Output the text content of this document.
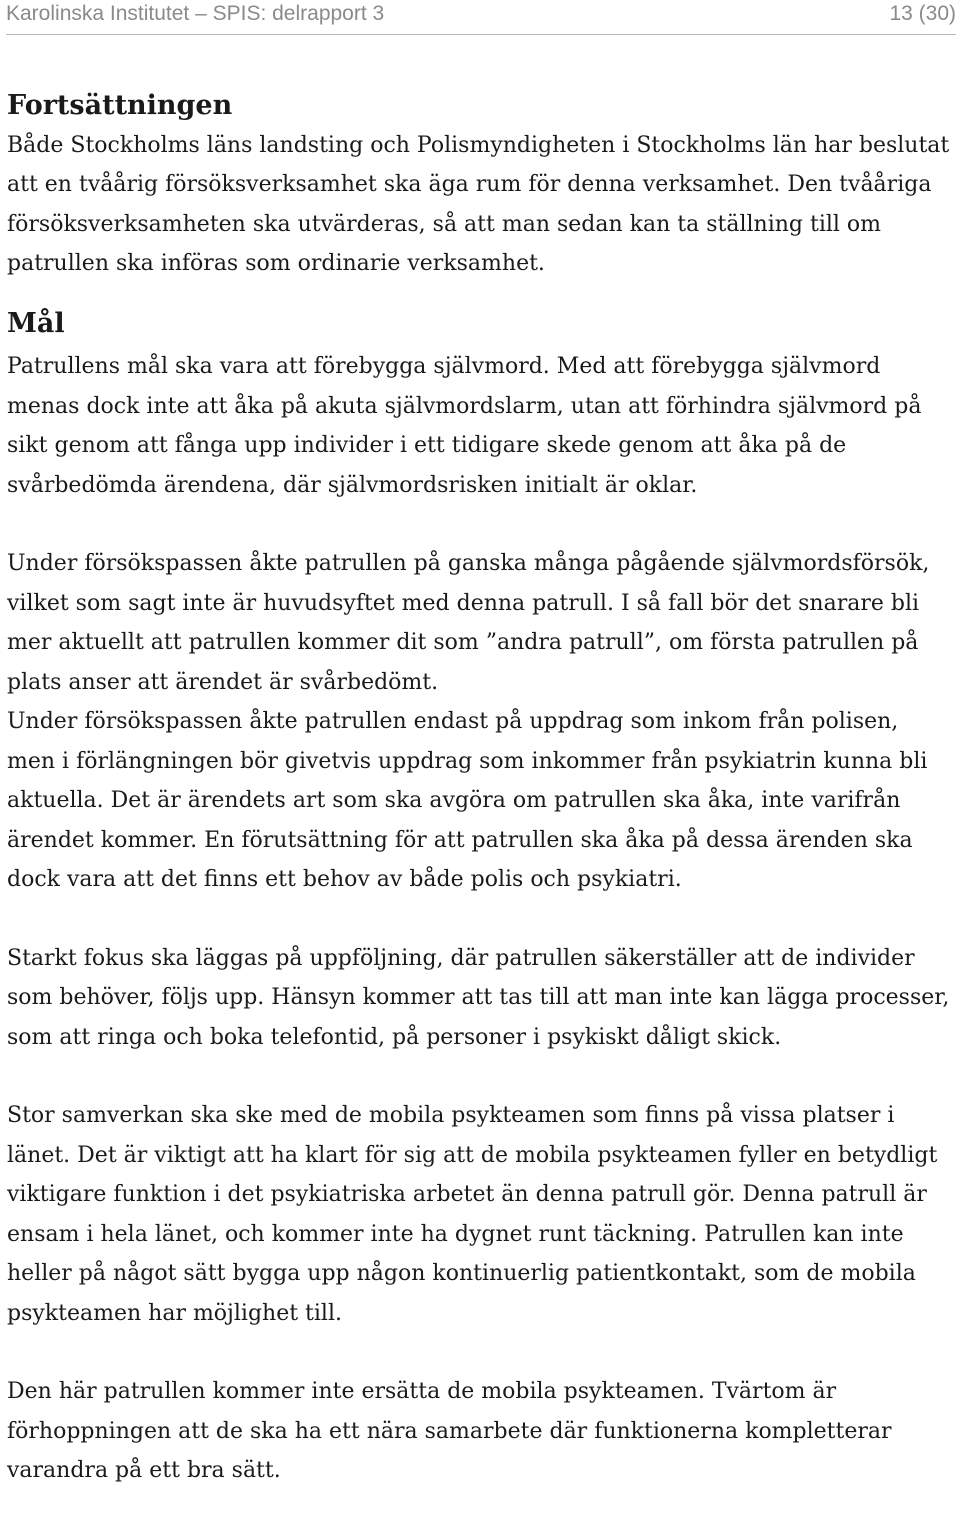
Karolinska Institutet – SPIS: delrapport 3	13 (30)
Fortsättningen

Både Stockholms läns landsting och Polismyndigheten i Stockholms län har beslutat att en tvåårig försöksverksamhet ska äga rum för denna verksamhet. Den tvååriga försöksverksamheten ska utvärderas, så att man sedan kan ta ställning till om patrullen ska införas som ordinarie verksamhet.

Mål

Patrullens mål ska vara att förebygga självmord. Med att förebygga självmord menas dock inte att åka på akuta självmordslarm, utan att förhindra självmord på sikt genom att fånga upp individer i ett tidigare skede genom att åka på de svårbedömda ärendena, där självmordsrisken initialt är oklar.

Under försökspassen åkte patrullen på ganska många pågående självmordsförsök, vilket som sagt inte är huvudsyftet med denna patrull. I så fall bör det snarare bli mer aktuellt att patrullen kommer dit som ”andra patrull”, om första patrullen på plats anser att ärendet är svårbedömt.

Under försökspassen åkte patrullen endast på uppdrag som inkom från polisen, men i förlängningen bör givetvis uppdrag som inkommer från psykiatrin kunna bli aktuella. Det är ärendets art som ska avgöra om patrullen ska åka, inte varifrån ärendet kommer. En förutsättning för att patrullen ska åka på dessa ärenden ska dock vara att det finns ett behov av både polis och psykiatri.

Starkt fokus ska läggas på uppföljning, där patrullen säkerställer att de individer som behöver, följs upp. Hänsyn kommer att tas till att man inte kan lägga processer, som att ringa och boka telefontid, på personer i psykiskt dåligt skick.

Stor samverkan ska ske med de mobila psykteamen som finns på vissa platser i länet. Det är viktigt att ha klart för sig att de mobila psykteamen fyller en betydligt viktigare funktion i det psykiatriska arbetet än denna patrull gör. Denna patrull är ensam i hela länet, och kommer inte ha dygnet runt täckning. Patrullen kan inte heller på något sätt bygga upp någon kontinuerlig patientkontakt, som de mobila psykteamen har möjlighet till.

Den här patrullen kommer inte ersätta de mobila psykteamen. Tvärtom är förhoppningen att de ska ha ett nära samarbete där funktionerna kompletterar varandra på ett bra sätt.
